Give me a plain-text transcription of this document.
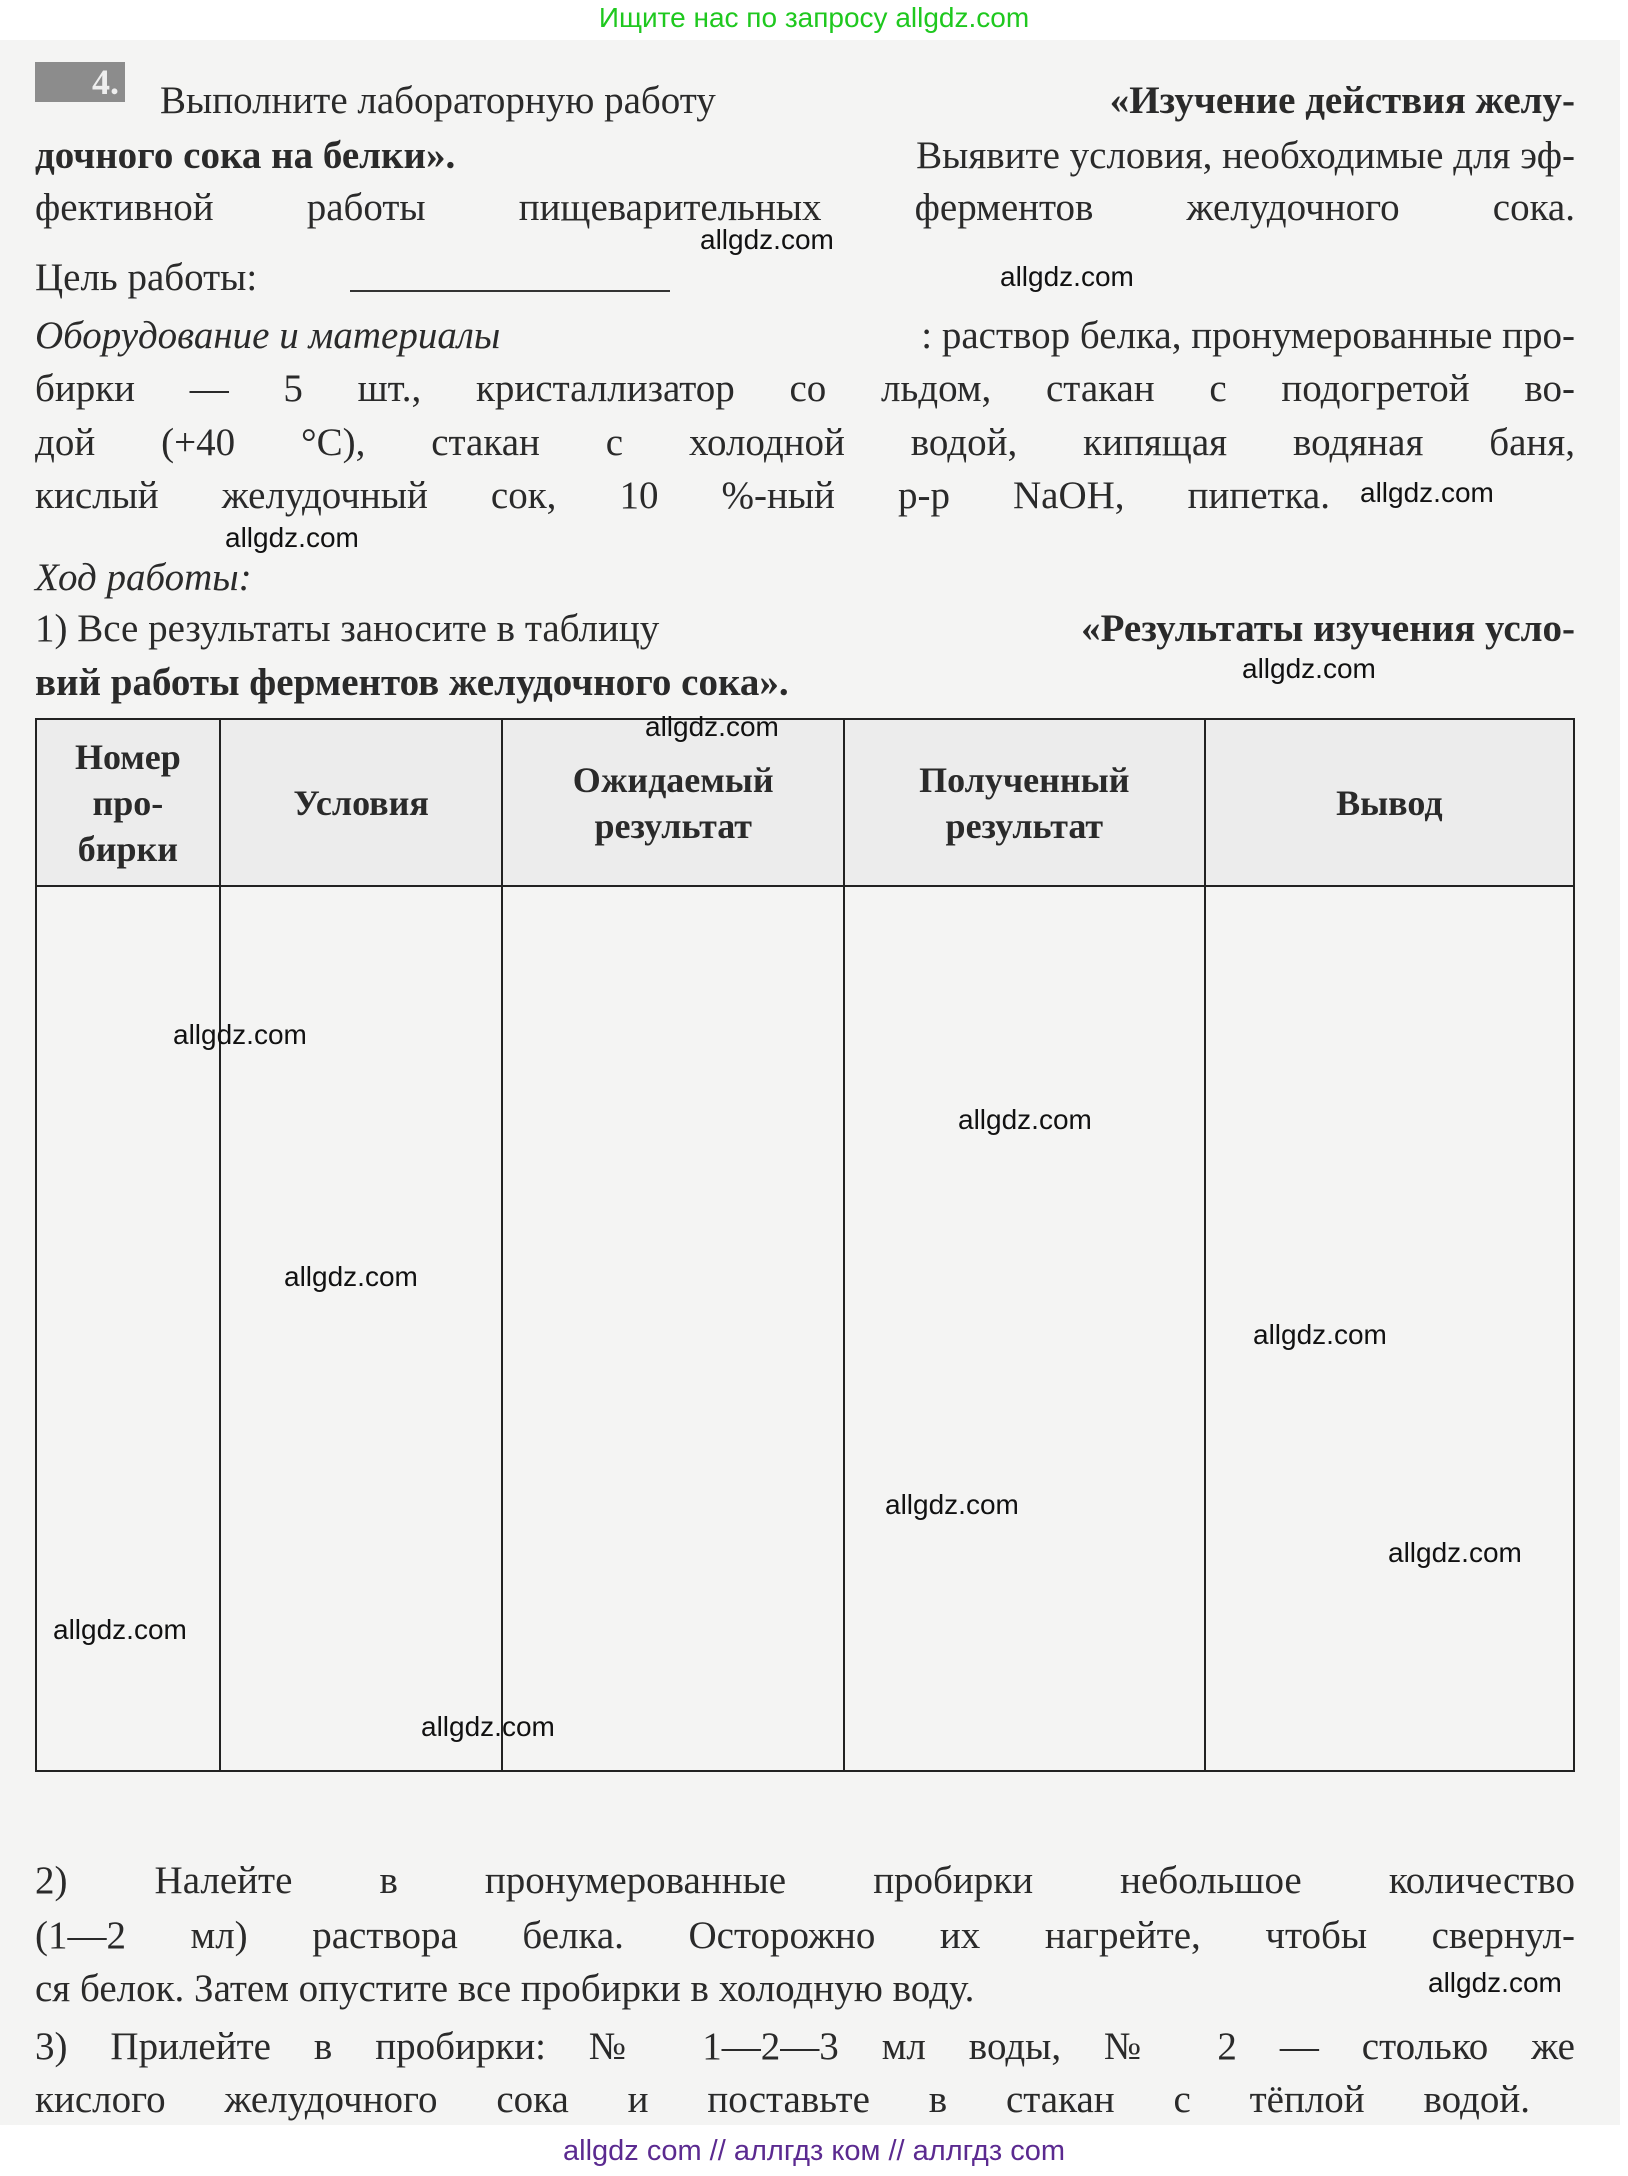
Ищите нас по запросу allgdz.com
4. Выполните лабораторную работу	«Изучение действия желу-
дочного сока на белки».	Выявите условия, необходимые для эф-
фективной работы пищеварительных ферментов желудочного сока.
Цель работы:
Оборудование и материалы	: раствор белка, пронумерованные про-
бирки — 5 шт., кристаллизатор со льдом, стакан с подогретой во-
дой (+40 °С), стакан с холодной водой, кипящая водяная баня,
кислый желудочный сок, 10 %-ный р-р NaOH, пипетка.
Ход работы:
1) Все результаты заносите в таблицу	«Результаты изучения усло-
вий работы ферментов желудочного сока».
2) Налейте в пронумерованные пробирки небольшое количество
(1—2 мл) раствора белка. Осторожно их нагрейте, чтобы свернул-
ся белок. Затем опустите все пробирки в холодную воду.
3) Прилейте в пробирки: № 1—2—3 мл воды, № 2 — столько же
кислого желудочного сока и поставьте в стакан с тёплой водой.
Номер про- бирки	Условия	Ожидаемый результат	Полученный результат	Вывод

allgdz.com
allgdz.com
allgdz.com
allgdz.com
allgdz.com
allgdz.com
allgdz.com
allgdz.com
allgdz.com
allgdz.com
allgdz.com
allgdz.com
allgdz.com
allgdz.com
allgdz.com
allgdz com // аллгдз ком // аллгдз com
